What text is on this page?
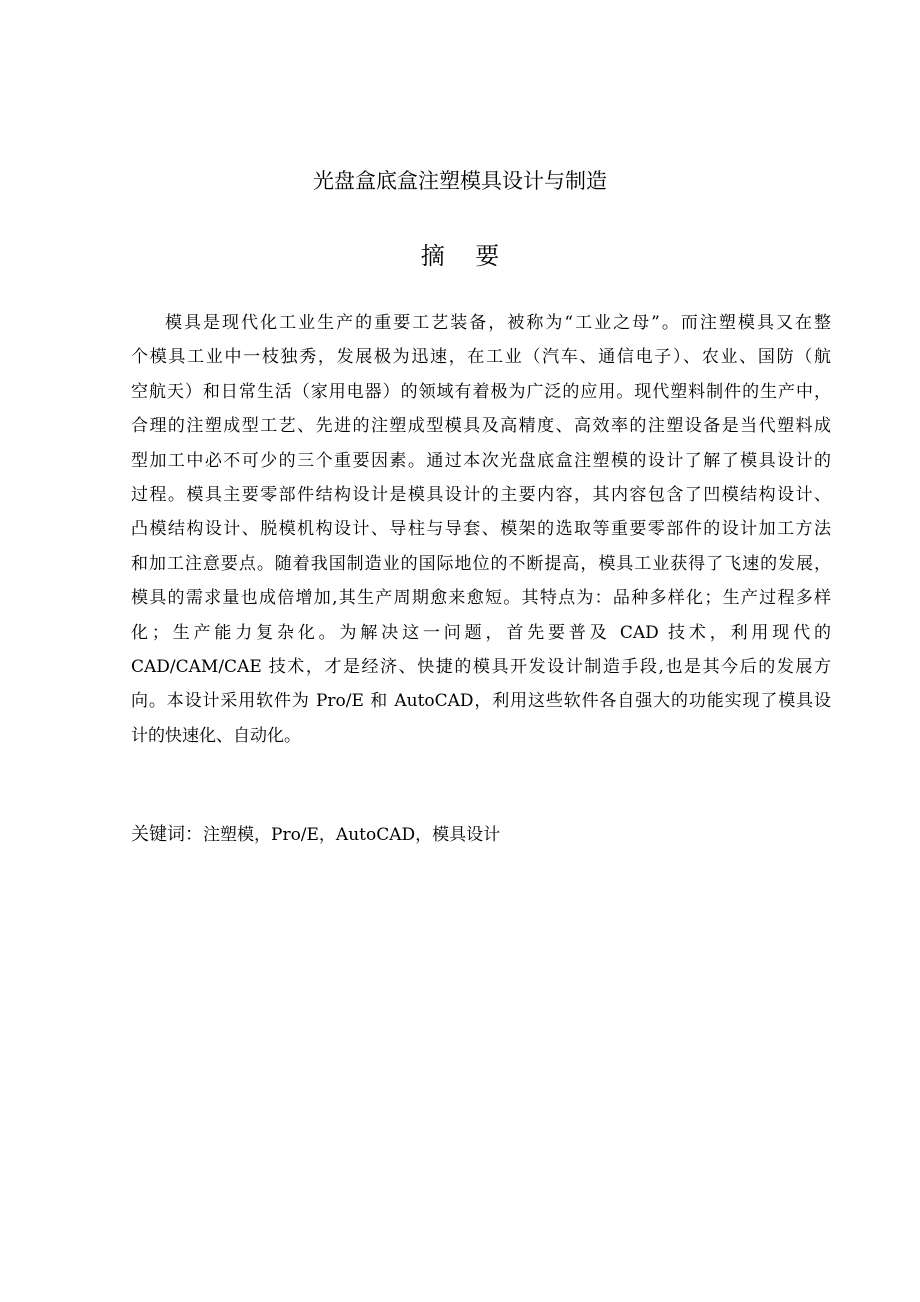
光盘盒底盒注塑模具设计与制造
摘    要
模具是现代化工业生产的重要工艺装备，被称为“工业之母”。而注塑模具又在整
个模具工业中一枝独秀，发展极为迅速，在工业（汽车、通信电子）、农业、国防（航
空航天）和日常生活（家用电器）的领域有着极为广泛的应用。现代塑料制件的生产中，
合理的注塑成型工艺、先进的注塑成型模具及高精度、高效率的注塑设备是当代塑料成
型加工中必不可少的三个重要因素。通过本次光盘底盒注塑模的设计了解了模具设计的
过程。模具主要零部件结构设计是模具设计的主要内容，其内容包含了凹模结构设计、
凸模结构设计、脱模机构设计、导柱与导套、模架的选取等重要零部件的设计加工方法
和加工注意要点。随着我国制造业的国际地位的不断提高，模具工业获得了飞速的发展，
模具的需求量也成倍增加,其生产周期愈来愈短。其特点为：品种多样化；生产过程多样
化；生产能力复杂化。为解决这一问题，首先要普及 CAD 技术，利用现代的
CAD/CAM/CAE 技术，才是经济、快捷的模具开发设计制造手段,也是其今后的发展方
向。本设计采用软件为 Pro/E 和 AutoCAD，利用这些软件各自强大的功能实现了模具设
计的快速化、自动化。
关键词：注塑模，Pro/E，AutoCAD，模具设计
